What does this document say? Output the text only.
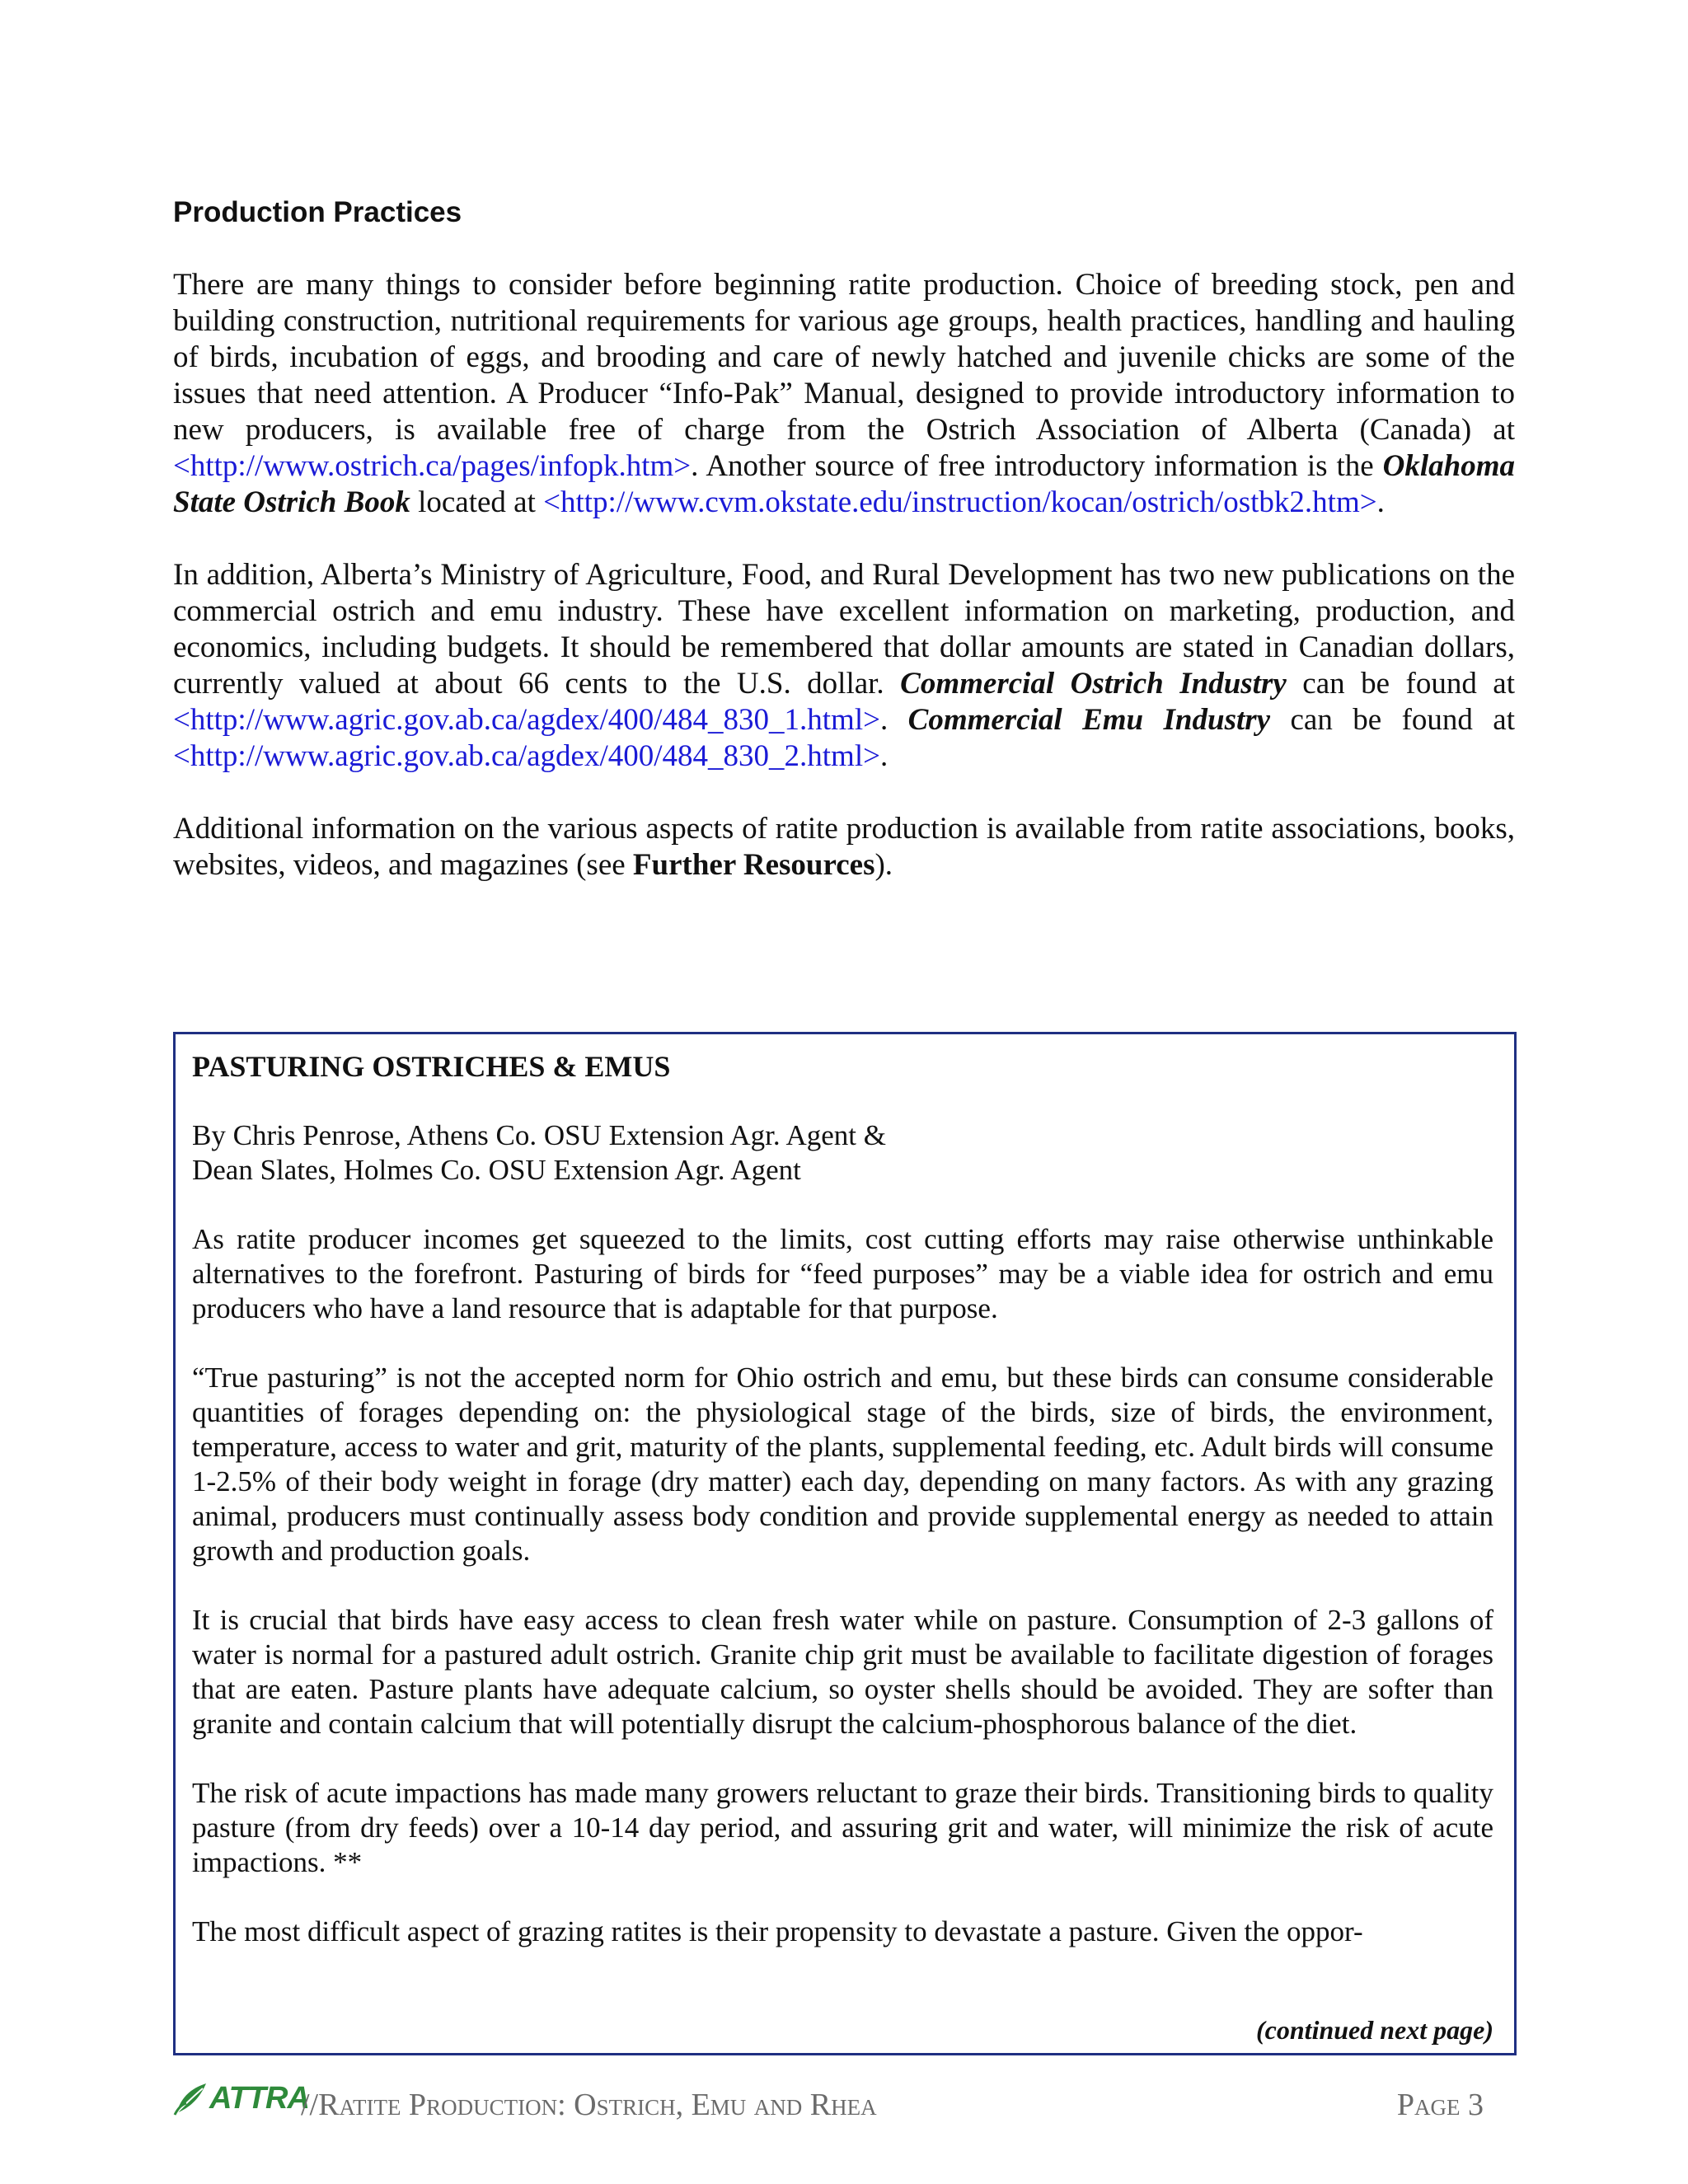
Production Practices

There are many things to consider before beginning ratite production. Choice of breeding stock, pen and building construction, nutritional requirements for various age groups, health practices, handling and hauling of birds, incubation of eggs, and brooding and care of newly hatched and juvenile chicks are some of the issues that need attention. A Producer “Info-Pak” Manual, designed to provide introductory information to new producers, is available free of charge from the Ostrich Association of Alberta (Canada) at <http://www.ostrich.ca/pages/infopk.htm>. Another source of free introductory information is the Oklahoma State Ostrich Book located at <http://www.cvm.okstate.edu/instruction/kocan/ostrich/ostbk2.htm>.

In addition, Alberta’s Ministry of Agriculture, Food, and Rural Development has two new publications on the commercial ostrich and emu industry. These have excellent information on marketing, production, and economics, including budgets. It should be remembered that dollar amounts are stated in Canadian dollars, currently valued at about 66 cents to the U.S. dollar. Commercial Ostrich Industry can be found at <http://www.agric.gov.ab.ca/agdex/400/484_830_1.html>. Commercial Emu Industry can be found at <http://www.agric.gov.ab.ca/agdex/400/484_830_2.html>.

Additional information on the various aspects of ratite production is available from ratite associations, books, websites, videos, and magazines (see Further Resources).

PASTURING OSTRICHES & EMUS
By Chris Penrose, Athens Co. OSU Extension Agr. Agent &
Dean Slates, Holmes Co. OSU Extension Agr. Agent

As ratite producer incomes get squeezed to the limits, cost cutting efforts may raise otherwise unthinkable alternatives to the forefront. Pasturing of birds for “feed purposes” may be a viable idea for ostrich and emu producers who have a land resource that is adaptable for that purpose.

“True pasturing” is not the accepted norm for Ohio ostrich and emu, but these birds can consume considerable quantities of forages depending on: the physiological stage of the birds, size of birds, the environment, temperature, access to water and grit, maturity of the plants, supplemental feeding, etc. Adult birds will consume 1-2.5% of their body weight in forage (dry matter) each day, depending on many factors. As with any grazing animal, producers must continually assess body condition and provide supplemental energy as needed to attain growth and production goals.

It is crucial that birds have easy access to clean fresh water while on pasture. Consumption of 2-3 gallons of water is normal for a pastured adult ostrich. Granite chip grit must be available to facilitate digestion of forages that are eaten. Pasture plants have adequate calcium, so oyster shells should be avoided. They are softer than granite and contain calcium that will potentially disrupt the calcium-phosphorous balance of the diet.

The risk of acute impactions has made many growers reluctant to graze their birds. Transitioning birds to quality pasture (from dry feeds) over a 10-14 day period, and assuring grit and water, will minimize the risk of acute impactions. **

The most difficult aspect of grazing ratites is their propensity to devastate a pasture. Given the oppor-

(continued next page)
ATTRA
//Ratite Production: Ostrich, Emu and Rhea	Page 3
